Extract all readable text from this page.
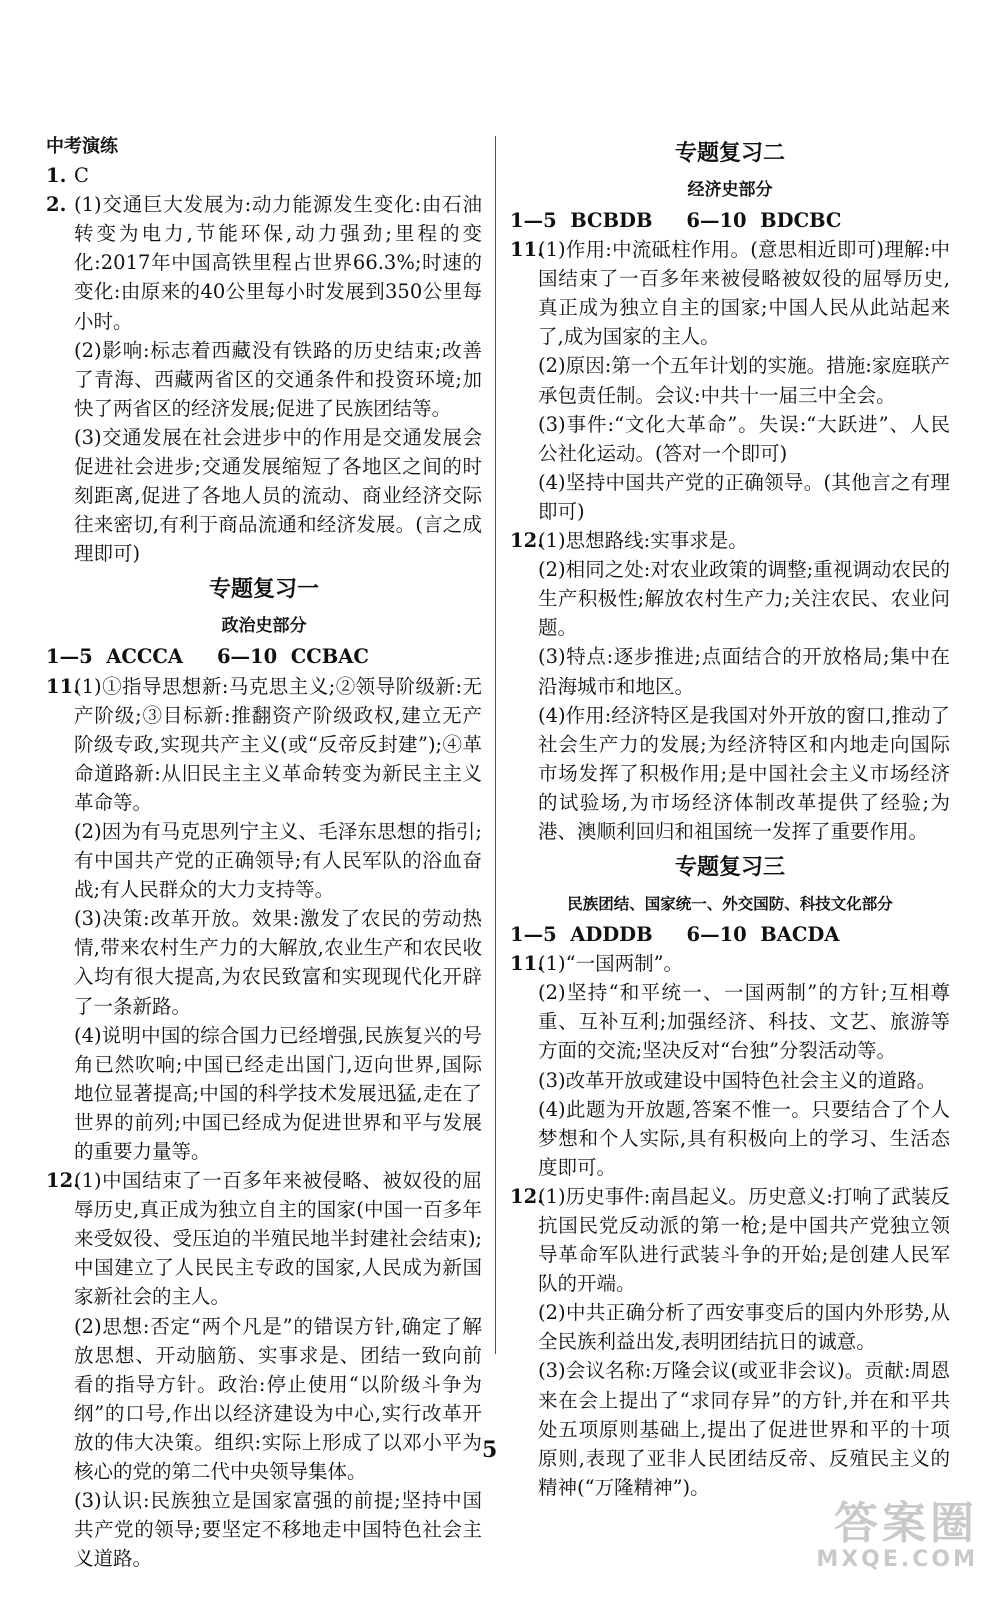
中考演练
1. C
2. (1)交通巨大发展为:动力能源发生变化:由石油转变为电力,节能环保,动力强劲;里程的变化:2017年中国高铁里程占世界66.3%;时速的变化:由原来的40公里每小时发展到350公里每小时。
(2)影响:标志着西藏没有铁路的历史结束;改善了青海、西藏两省区的交通条件和投资环境;加快了两省区的经济发展;促进了民族团结等。
(3)交通发展在社会进步中的作用是交通发展会促进社会进步;交通发展缩短了各地区之间的时刻距离,促进了各地人员的流动、商业经济交际往来密切,有利于商品流通和经济发展。(言之成理即可)
专题复习一
政治史部分
1—5  ACCCA     6—10  CCBAC
11.
(1)①指导思想新:马克思主义;②领导阶级新:无产阶级;③目标新:推翻资产阶级政权,建立无产阶级专政,实现共产主义(或“反帝反封建”);④革命道路新:从旧民主主义革命转变为新民主主义革命等。
(2)因为有马克思列宁主义、毛泽东思想的指引;有中国共产党的正确领导;有人民军队的浴血奋战;有人民群众的大力支持等。
(3)决策:改革开放。效果:激发了农民的劳动热情,带来农村生产力的大解放,农业生产和农民收入均有很大提高,为农民致富和实现现代化开辟了一条新路。
(4)说明中国的综合国力已经增强,民族复兴的号角已然吹响;中国已经走出国门,迈向世界,国际地位显著提高;中国的科学技术发展迅猛,走在了世界的前列;中国已经成为促进世界和平与发展的重要力量等。
12.
(1)中国结束了一百多年来被侵略、被奴役的屈辱历史,真正成为独立自主的国家(中国一百多年来受奴役、受压迫的半殖民地半封建社会结束);中国建立了人民民主专政的国家,人民成为新国家新社会的主人。
(2)思想:否定“两个凡是”的错误方针,确定了解放思想、开动脑筋、实事求是、团结一致向前看的指导方针。政治:停止使用“以阶级斗争为纲”的口号,作出以经济建设为中心,实行改革开放的伟大决策。组织:实际上形成了以邓小平为核心的党的第二代中央领导集体。
(3)认识:民族独立是国家富强的前提;坚持中国共产党的领导;要坚定不移地走中国特色社会主义道路。
专题复习二
经济史部分
1—5  BCBDB     6—10  BDCBC
11.
(1)作用:中流砥柱作用。(意思相近即可)理解:中国结束了一百多年来被侵略被奴役的屈辱历史,真正成为独立自主的国家;中国人民从此站起来了,成为国家的主人。
(2)原因:第一个五年计划的实施。措施:家庭联产承包责任制。会议:中共十一届三中全会。
(3)事件:“文化大革命”。失误:“大跃进”、人民公社化运动。(答对一个即可)
(4)坚持中国共产党的正确领导。(其他言之有理即可)
12.
(1)思想路线:实事求是。
(2)相同之处:对农业政策的调整;重视调动农民的生产积极性;解放农村生产力;关注农民、农业问题。
(3)特点:逐步推进;点面结合的开放格局;集中在沿海城市和地区。
(4)作用:经济特区是我国对外开放的窗口,推动了社会生产力的发展;为经济特区和内地走向国际市场发挥了积极作用;是中国社会主义市场经济的试验场,为市场经济体制改革提供了经验;为港、澳顺利回归和祖国统一发挥了重要作用。
专题复习三
民族团结、国家统一、外交国防、科技文化部分
1—5  ADDDB     6—10  BACDA
11.
(1)“一国两制”。
(2)坚持“和平统一、一国两制”的方针;互相尊重、互补互利;加强经济、科技、文艺、旅游等方面的交流;坚决反对“台独”分裂活动等。
(3)改革开放或建设中国特色社会主义的道路。
(4)此题为开放题,答案不惟一。只要结合了个人梦想和个人实际,具有积极向上的学习、生活态度即可。
12.
(1)历史事件:南昌起义。历史意义:打响了武装反抗国民党反动派的第一枪;是中国共产党独立领导革命军队进行武装斗争的开始;是创建人民军队的开端。
(2)中共正确分析了西安事变后的国内外形势,从全民族利益出发,表明团结抗日的诚意。
(3)会议名称:万隆会议(或亚非会议)。贡献:周恩来在会上提出了“求同存异”的方针,并在和平共处五项原则基础上,提出了促进世界和平的十项原则,表现了亚非人民团结反帝、反殖民主义的精神(“万隆精神”)。
5
答案圈
MXQE.COM
